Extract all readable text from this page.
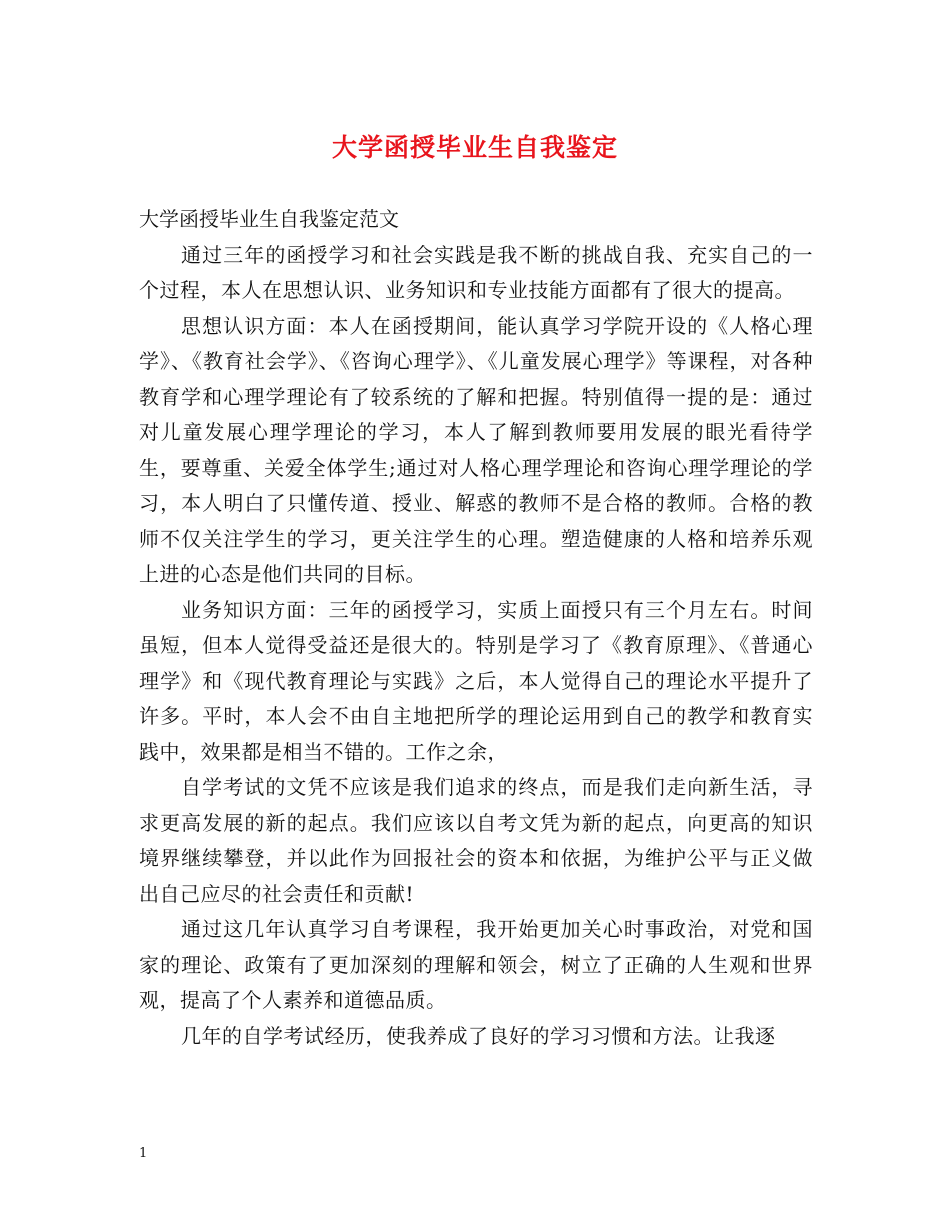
大学函授毕业生自我鉴定

大学函授毕业生自我鉴定范文

通过三年的函授学习和社会实践是我不断的挑战自我、充实自己的一个过程，本人在思想认识、业务知识和专业技能方面都有了很大的提高。

思想认识方面：本人在函授期间，能认真学习学院开设的《人格心理学》、《教育社会学》、《咨询心理学》、《儿童发展心理学》等课程，对各种教育学和心理学理论有了较系统的了解和把握。特别值得一提的是：通过对儿童发展心理学理论的学习，本人了解到教师要用发展的眼光看待学生，要尊重、关爱全体学生;通过对人格心理学理论和咨询心理学理论的学习，本人明白了只懂传道、授业、解惑的教师不是合格的教师。合格的教师不仅关注学生的学习，更关注学生的心理。塑造健康的人格和培养乐观上进的心态是他们共同的目标。

业务知识方面：三年的函授学习，实质上面授只有三个月左右。时间虽短，但本人觉得受益还是很大的。特别是学习了《教育原理》、《普通心理学》和《现代教育理论与实践》之后，本人觉得自己的理论水平提升了许多。平时，本人会不由自主地把所学的理论运用到自己的教学和教育实践中，效果都是相当不错的。工作之余，

自学考试的文凭不应该是我们追求的终点，而是我们走向新生活，寻求更高发展的新的起点。我们应该以自考文凭为新的起点，向更高的知识境界继续攀登，并以此作为回报社会的资本和依据，为维护公平与正义做出自己应尽的社会责任和贡献!

通过这几年认真学习自考课程，我开始更加关心时事政治，对党和国家的理论、政策有了更加深刻的理解和领会，树立了正确的人生观和世界观，提高了个人素养和道德品质。

几年的自学考试经历，使我养成了良好的学习习惯和方法。让我逐

1
